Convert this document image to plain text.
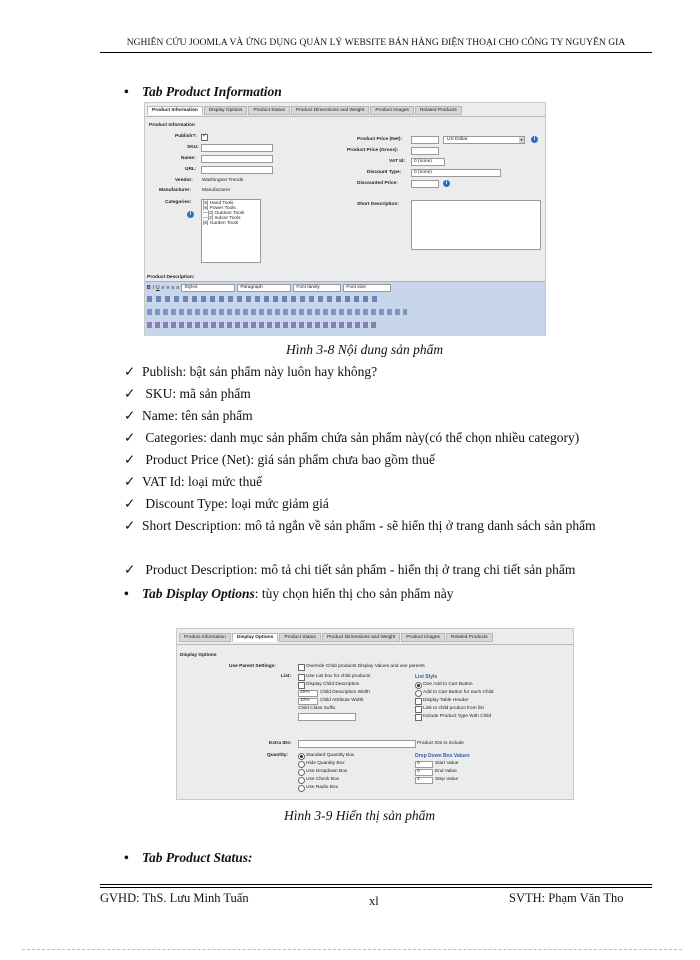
NGHIÊN CỨU JOOMLA VÀ ỨNG DỤNG QUẢN LÝ WEBSITE BÁN HÀNG ĐIỆN THOẠI CHO CÔNG TY NGUYÊN GIA
• Tab Product Information
Product Information	Display Options	Product Status	Product Dimensions and Weight	Product Images	Related Products
Product Information
Publish?:
✓
SKU:
Name:
URL:
Vendor: Washington Trends
Manufacturer: Manufacturer
Categories:
i
[5] Hand Tools
[5] Power Tools
—[2] Outdoor Tools
—[2] Indoor Tools
[5] Garden Tools
Product Price (Net):	US Dollar	▾	i
Product Price (Gross):
VAT Id: 0 (none)
Discount Type:	0 (none)
Discounted Price:	i
Short Description:
Product Description:
B I U ≡ ≡ ≡ ≡ Styles	Paragraph	Font family	Font size
Hình 3-8 Nội dung sản phẩm
✓ Publish: bật sản phẩm này luôn hay không?
✓ SKU: mã sản phẩm
✓ Name: tên sản phẩm
✓ Categories: danh mục sản phẩm chứa sản phẩm này(có thể chọn nhiều category)
✓ Product Price (Net): giá sản phẩm chưa bao gồm thuế
✓ VAT Id: loại mức thuế
✓ Discount Type: loại mức giảm giá
✓ Short Description: mô tả ngắn về sản phẩm - sẽ hiển thị ở trang danh sách sản phẩm
✓ Product Description: mô tả chi tiết sản phẩm - hiển thị ở trang chi tiết sản phẩm
• Tab Display Options : tùy chọn hiển thị cho sản phẩm này
Product Information	Display Options	Product Status	Product Dimensions and Weight	Product Images	Related Products
Display Options
Use Parent Settings:	Override Child products Display Values and use parents
List:	Use List box for child products
Display Child Description
20% Child Description Width
10% Child Attribute Width
Child Class Suffix
List Style
One Add to Cart Button
Add to Cart Button for each Child
Display Table Header
Link to child product from list
Include Product Type With Child
Extra IDs:	Product IDs to include
Quantity:	Standard Quantity Box
Hide Quantity Box
Use Dropdown Box
Use Check Box
Use Radio Box
Drop Down Box Values
0	Start Value
0	End Value
1	Step Value
Hình 3-9 Hiển thị sản phẩm
• Tab Product Status:
GVHD: ThS. Lưu Minh Tuấn	xl	SVTH: Phạm Văn Tho
